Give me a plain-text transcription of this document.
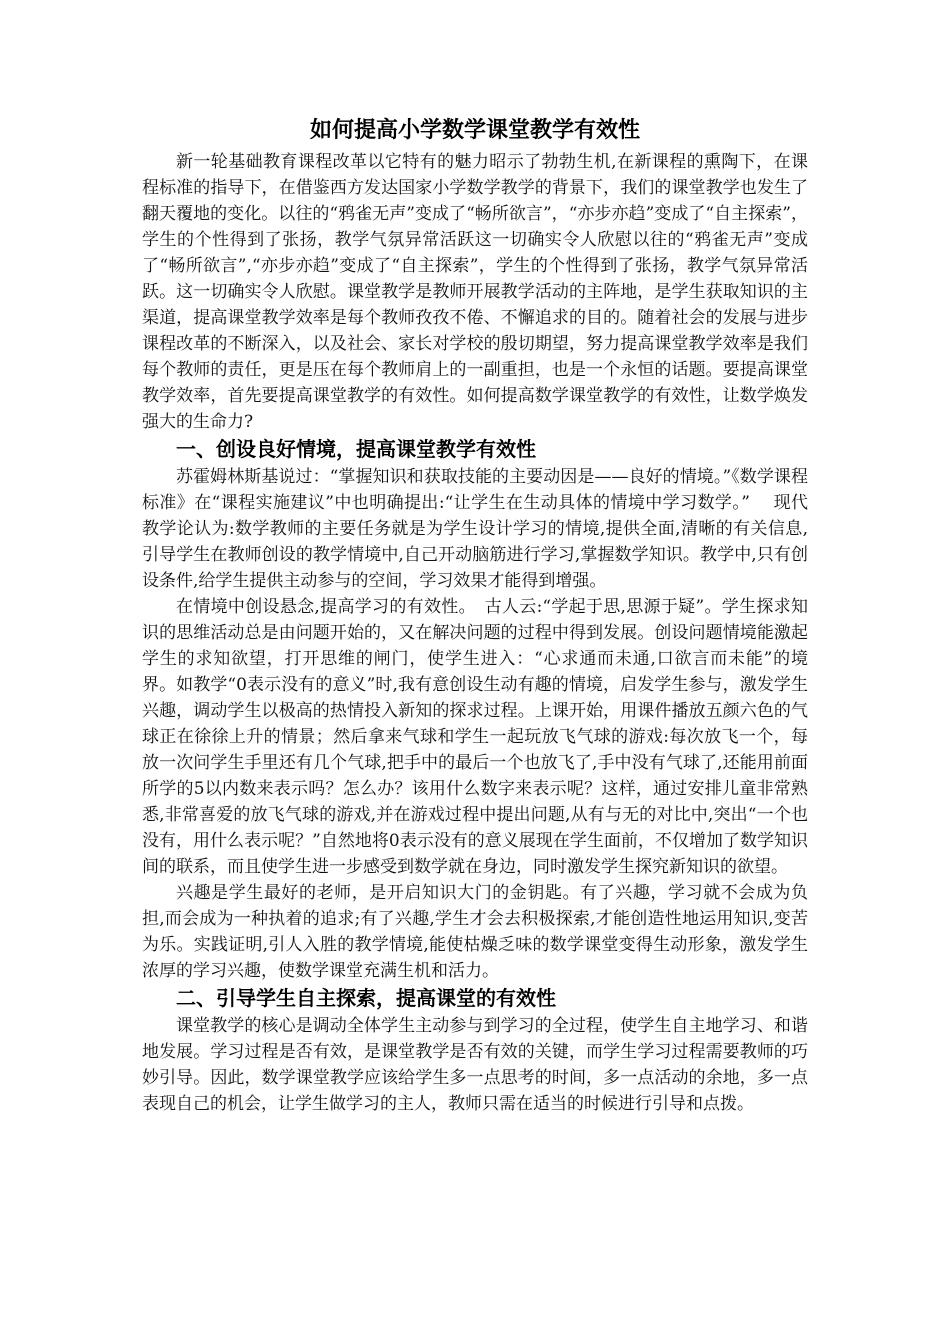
如何提高小学数学课堂教学有效性

新一轮基础教育课程改革以它特有的魅力昭示了勃勃生机,在新课程的熏陶下，在课程标准的指导下，在借鉴西方发达国家小学数学教学的背景下，我们的课堂教学也发生了翻天覆地的变化。以往的“鸦雀无声”变成了“畅所欲言”，“亦步亦趋”变成了“自主探索”，学生的个性得到了张扬，教学气氛异常活跃这一切确实令人欣慰以往的“鸦雀无声”变成了“畅所欲言”,“亦步亦趋”变成了“自主探索”，学生的个性得到了张扬，教学气氛异常活跃。这一切确实令人欣慰。课堂教学是教师开展教学活动的主阵地，是学生获取知识的主渠道，提高课堂教学效率是每个教师孜孜不倦、不懈追求的目的。随着社会的发展与进步课程改革的不断深入，以及社会、家长对学校的殷切期望，努力提高课堂教学效率是我们每个教师的责任，更是压在每个教师肩上的一副重担，也是一个永恒的话题。要提高课堂教学效率，首先要提高课堂教学的有效性。如何提高数学课堂教学的有效性，让数学焕发强大的生命力?

一、创设良好情境，提高课堂教学有效性

苏霍姆林斯基说过：“掌握知识和获取技能的主要动因是——良好的情境。”《数学课程标准》在“课程实施建议”中也明确提出:“让学生在生动具体的情境中学习数学。”　 现代教学论认为:数学教师的主要任务就是为学生设计学习的情境,提供全面,清晰的有关信息,引导学生在教师创设的教学情境中,自己开动脑筋进行学习,掌握数学知识。教学中,只有创设条件,给学生提供主动参与的空间，学习效果才能得到增强。

在情境中创设悬念,提高学习的有效性。　古人云:“学起于思,思源于疑”。学生探求知识的思维活动总是由问题开始的，又在解决问题的过程中得到发展。创设问题情境能激起学生的求知欲望，打开思维的闸门，使学生进入：“心求通而未通,口欲言而未能”的境界。如教学“0表示没有的意义”时,我有意创设生动有趣的情境，启发学生参与，激发学生兴趣，调动学生以极高的热情投入新知的探求过程。上课开始，用课件播放五颜六色的气球正在徐徐上升的情景；然后拿来气球和学生一起玩放飞气球的游戏:每次放飞一个，每放一次问学生手里还有几个气球,把手中的最后一个也放飞了,手中没有气球了,还能用前面所学的5以内数来表示吗？怎么办？该用什么数字来表示呢？这样，通过安排儿童非常熟悉,非常喜爱的放飞气球的游戏,并在游戏过程中提出问题,从有与无的对比中,突出“一个也没有，用什么表示呢？”自然地将0表示没有的意义展现在学生面前，不仅增加了数学知识间的联系，而且使学生进一步感受到数学就在身边，同时激发学生探究新知识的欲望。

兴趣是学生最好的老师，是开启知识大门的金钥匙。有了兴趣，学习就不会成为负担,而会成为一种执着的追求;有了兴趣,学生才会去积极探索,才能创造性地运用知识,变苦为乐。实践证明,引人入胜的教学情境,能使枯燥乏味的数学课堂变得生动形象，激发学生浓厚的学习兴趣，使数学课堂充满生机和活力。

二、引导学生自主探索，提高课堂的有效性

课堂教学的核心是调动全体学生主动参与到学习的全过程，使学生自主地学习、和谐地发展。学习过程是否有效，是课堂教学是否有效的关键，而学生学习过程需要教师的巧妙引导。因此，数学课堂教学应该给学生多一点思考的时间，多一点活动的余地，多一点表现自己的机会，让学生做学习的主人，教师只需在适当的时候进行引导和点拨。
